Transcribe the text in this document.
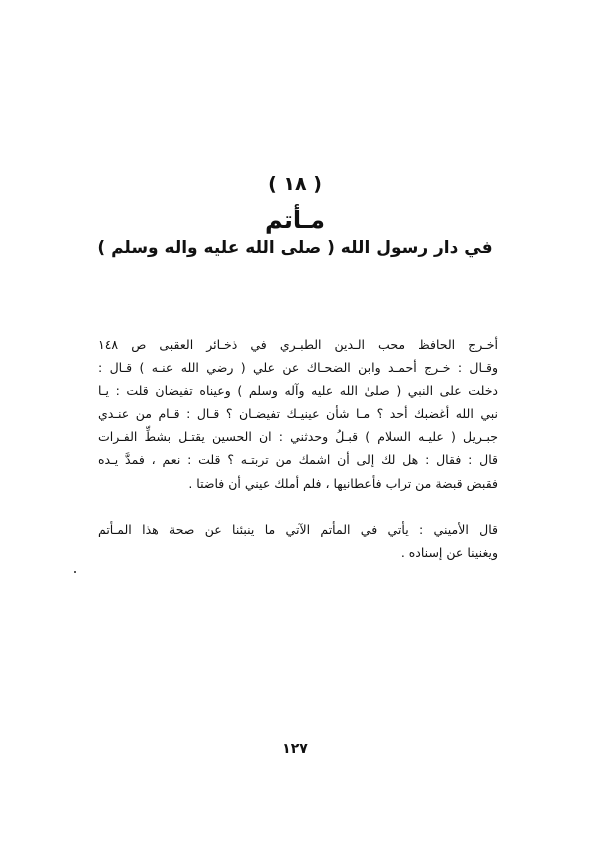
( ١٨ )
مـأتم
في دار رسول الله ( صلى الله عليه واله وسلم )
أخـرج الحافظ محب الـدين الطبـري في ذخـائر العقبى ص ١٤٨
وقـال : خـرج أحمـد وابن الضحـاك عن علي ( رضي الله عنـه ) قـال :
دخلت على النبي ( صلىٰ الله عليه وآله وسلم ) وعيناه تفيضان قلت : يـا
نبي الله أغضبك أحد ؟ مـا شأن عينيـك تفيضـان ؟ قـال : قـام من عنـدي
جبـريل ( عليـه السلام ) قبـلُ وحدثني : ان الحسين يقتـل بشطِّ الفـرات
قال : فقال : هل لك إلى أن اشمك من تربتـه ؟ قلت : نعم ، فمدَّ يـده
فقبض قبضة من تراب فأعطانيها ، فلم أملك عيني أن فاضتا .
قال الأميني : يأتي في المأتم الآتي ما ينبئنا عن صحة هذا المـأتم
ويغنينا عن إسناده .
١٢٧
